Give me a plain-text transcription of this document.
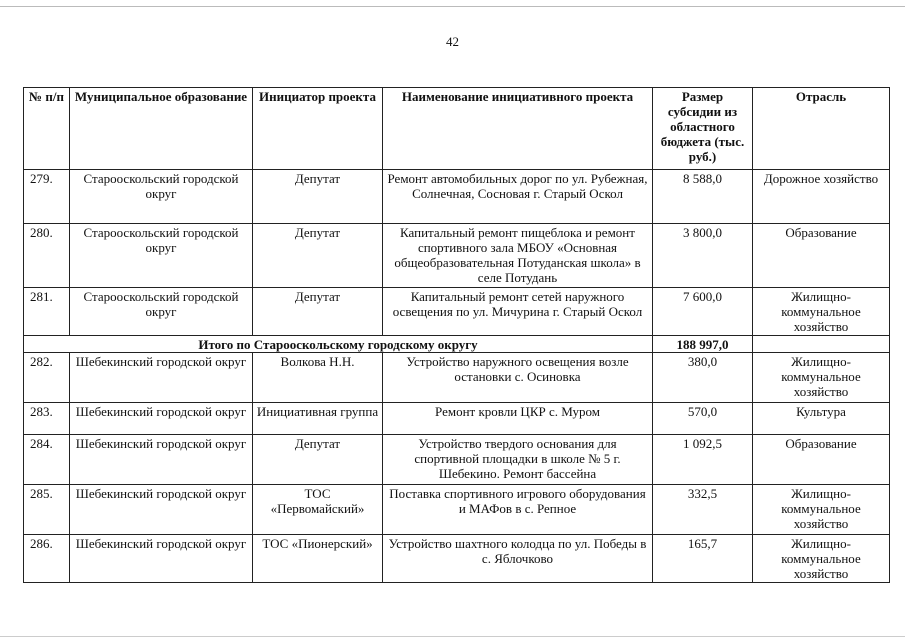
42
№ п/п	Муниципальное образование	Инициатор проекта	Наименование инициативного проекта	Размер субсидии из областного бюджета (тыс. руб.)	Отрасль
279.	Старооскольский городской округ	Депутат	Ремонт автомобильных дорог по ул. Рубежная, Солнечная, Сосновая г. Старый Оскол	8 588,0	Дорожное хозяйство
280.	Старооскольский городской округ	Депутат	Капитальный ремонт пищеблока и ремонт спортивного зала МБОУ «Основная общеобразовательная Потуданская школа» в селе Потудань	3 800,0	Образование
281.	Старооскольский городской округ	Депутат	Капитальный ремонт сетей наружного освещения по ул. Мичурина г. Старый Оскол	7 600,0	Жилищно-коммунальное хозяйство
Итого по Старооскольскому городскому округу				188 997,0	
282.	Шебекинский городской округ	Волкова Н.Н.	Устройство наружного освещения возле остановки с. Осиновка	380,0	Жилищно-коммунальное хозяйство
283.	Шебекинский городской округ	Инициативная группа	Ремонт кровли ЦКР с. Муром	570,0	Культура
284.	Шебекинский городской округ	Депутат	Устройство твердого основания для спортивной площадки в школе № 5 г. Шебекино. Ремонт бассейна	1 092,5	Образование
285.	Шебекинский городской округ	ТОС «Первомайский»	Поставка спортивного игрового оборудования и МАФов в с. Репное	332,5	Жилищно-коммунальное хозяйство
286.	Шебекинский городской округ	ТОС «Пионерский»	Устройство шахтного колодца по ул. Победы в с. Яблочково	165,7	Жилищно-коммунальное хозяйство
